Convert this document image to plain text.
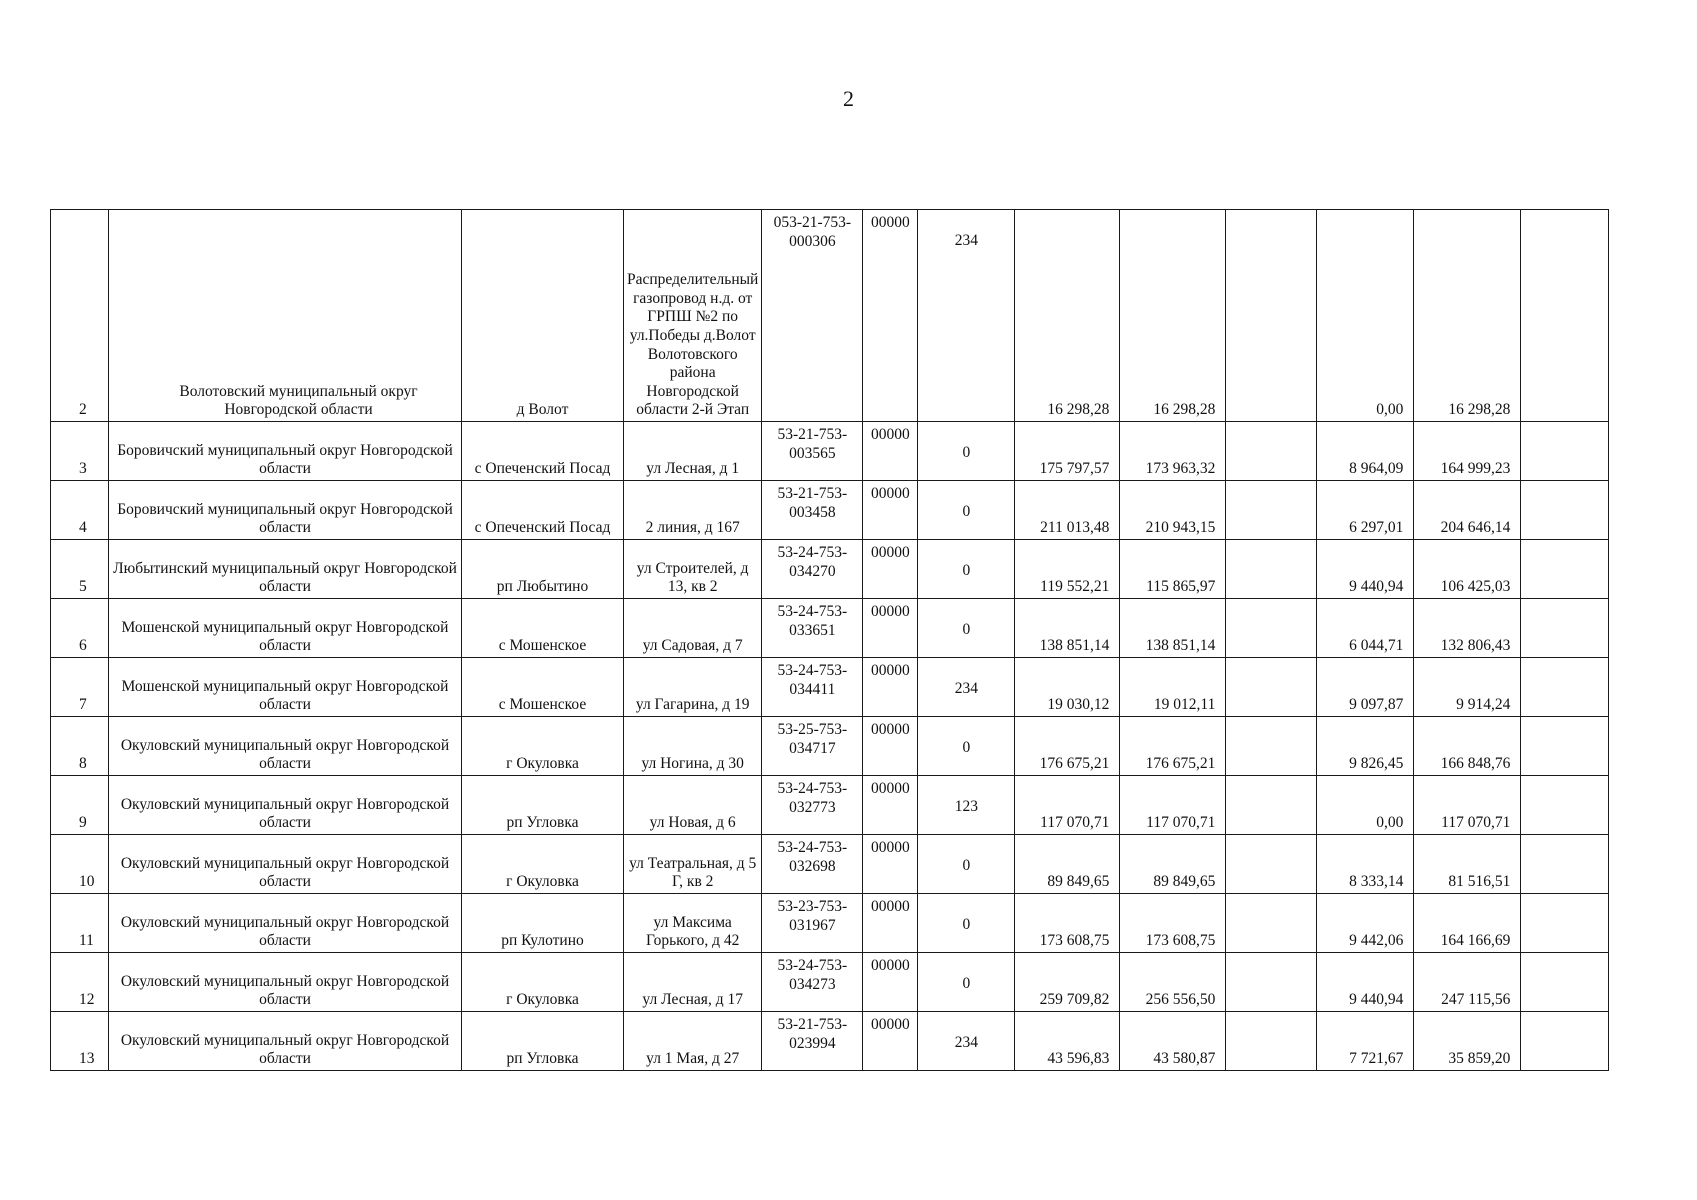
2
2	Волотовский муниципальный округ Новгородской области	д Волот	Распределительный газопровод н.д. от ГРПШ №2 по ул.Победы д.Волот Волотовского района Новгородской области 2-й Этап	053-21-753-000306	00000	234	16 298,28	16 298,28		0,00	16 298,28	
3	Боровичский муниципальный округ Новгородской области	с Опеченский Посад	ул Лесная, д 1	53-21-753-003565	00000	0	175 797,57	173 963,32		8 964,09	164 999,23	
4	Боровичский муниципальный округ Новгородской области	с Опеченский Посад	2 линия, д 167	53-21-753-003458	00000	0	211 013,48	210 943,15		6 297,01	204 646,14	
5	Любытинский муниципальный округ Новгородской области	рп Любытино	ул Строителей, д 13, кв 2	53-24-753-034270	00000	0	119 552,21	115 865,97		9 440,94	106 425,03	
6	Мошенской муниципальный округ Новгородской области	с Мошенское	ул Садовая, д 7	53-24-753-033651	00000	0	138 851,14	138 851,14		6 044,71	132 806,43	
7	Мошенской муниципальный округ Новгородской области	с Мошенское	ул Гагарина, д 19	53-24-753-034411	00000	234	19 030,12	19 012,11		9 097,87	9 914,24	
8	Окуловский муниципальный округ Новгородской области	г Окуловка	ул Ногина, д 30	53-25-753-034717	00000	0	176 675,21	176 675,21		9 826,45	166 848,76	
9	Окуловский муниципальный округ Новгородской области	рп Угловка	ул Новая, д 6	53-24-753-032773	00000	123	117 070,71	117 070,71		0,00	117 070,71	
10	Окуловский муниципальный округ Новгородской области	г Окуловка	ул Театральная, д 5 Г, кв 2	53-24-753-032698	00000	0	89 849,65	89 849,65		8 333,14	81 516,51	
11	Окуловский муниципальный округ Новгородской области	рп Кулотино	ул Максима Горького, д 42	53-23-753-031967	00000	0	173 608,75	173 608,75		9 442,06	164 166,69	
12	Окуловский муниципальный округ Новгородской области	г Окуловка	ул Лесная, д 17	53-24-753-034273	00000	0	259 709,82	256 556,50		9 440,94	247 115,56	
13	Окуловский муниципальный округ Новгородской области	рп Угловка	ул 1 Мая, д 27	53-21-753-023994	00000	234	43 596,83	43 580,87		7 721,67	35 859,20	
